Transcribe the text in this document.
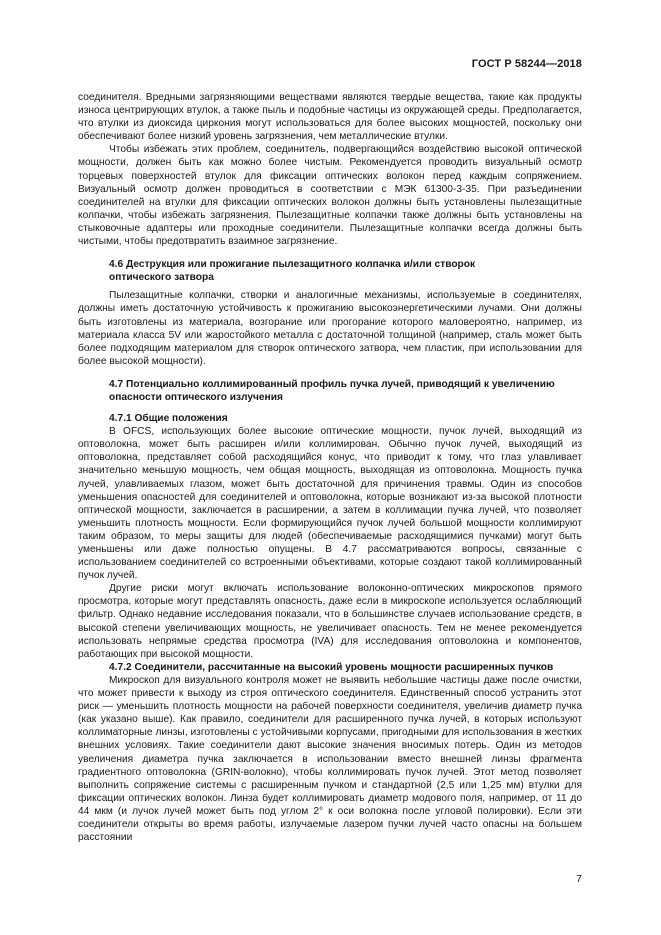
ГОСТ Р 58244—2018

соединителя. Вредными загрязняющими веществами являются твердые вещества, такие как продукты износа центрирующих втулок, а также пыль и подобные частицы из окружающей среды. Предполагается, что втулки из диоксида циркония могут использоваться для более высоких мощностей, поскольку они обеспечивают более низкий уровень загрязнения, чем металлические втулки.

Чтобы избежать этих проблем, соединитель, подвергающийся воздействию высокой оптической мощности, должен быть как можно более чистым. Рекомендуется проводить визуальный осмотр торцевых поверхностей втулок для фиксации оптических волокон перед каждым сопряжением. Визуальный осмотр должен проводиться в соответствии с МЭК 61300-3-35. При разъединении соединителей на втулки для фиксации оптических волокон должны быть установлены пылезащитные колпачки, чтобы избежать загрязнения. Пылезащитные колпачки также должны быть установлены на стыковочные адаптеры или проходные соединители. Пылезащитные колпачки всегда должны быть чистыми, чтобы предотвратить взаимное загрязнение.

4.6 Деструкция или прожигание пылезащитного колпачка и/или створок
оптического затвора

Пылезащитные колпачки, створки и аналогичные механизмы, используемые в соединителях, должны иметь достаточную устойчивость к прожиганию высокоэнергетическими лучами. Они должны быть изготовлены из материала, возгорание или прогорание которого маловероятно, например, из материала класса 5V или жаростойкого металла с достаточной толщиной (например, сталь может быть более подходящим материалом для створок оптического затвора, чем пластик, при использовании для более высокой мощности).

4.7 Потенциально коллимированный профиль пучка лучей, приводящий к увеличению
опасности оптического излучения
4.7.1 Общие положения

В OFCS, использующих более высокие оптические мощности, пучок лучей, выходящий из оптоволокна, может быть расширен и/или коллимирован. Обычно пучок лучей, выходящий из оптоволокна, представляет собой расходящийся конус, что приводит к тому, что глаз улавливает значительно меньшую мощность, чем общая мощность, выходящая из оптоволокна. Мощность пучка лучей, улавливаемых глазом, может быть достаточной для причинения травмы. Один из способов уменьшения опасностей для соединителей и оптоволокна, которые возникают из-за высокой плотности оптической мощности, заключается в расширении, а затем в коллимации пучка лучей, что позволяет уменьшить плотность мощности. Если формирующийся пучок лучей большой мощности коллимируют таким образом, то меры защиты для людей (обеспечиваемые расходящимися пучками) могут быть уменьшены или даже полностью опущены. В 4.7 рассматриваются вопросы, связанные с использованием соединителей со встроенными объективами, которые создают такой коллимированный пучок лучей.

Другие риски могут включать использование волоконно-оптических микроскопов прямого просмотра, которые могут представлять опасность, даже если в микроскопе используется ослабляющий фильтр. Однако недавние исследования показали, что в большинстве случаев использование средств, в высокой степени увеличивающих мощность, не увеличивает опасность. Тем не менее рекомендуется использовать непрямые средства просмотра (IVA) для исследования оптоволокна и компонентов, работающих при высокой мощности.

4.7.2 Соединители, рассчитанные на высокий уровень мощности расширенных пучков

Микроскоп для визуального контроля может не выявить небольшие частицы даже после очистки, что может привести к выходу из строя оптического соединителя. Единственный способ устранить этот риск — уменьшить плотность мощности на рабочей поверхности соединителя, увеличив диаметр пучка (как указано выше). Как правило, соединители для расширенного пучка лучей, в которых используют коллиматорные линзы, изготовлены с устойчивыми корпусами, пригодными для использования в жестких внешних условиях. Такие соединители дают высокие значения вносимых потерь. Один из методов увеличения диаметра пучка заключается в использовании вместо внешней линзы фрагмента градиентного оптоволокна (GRIN-волокно), чтобы коллимировать пучок лучей. Этот метод позволяет выполнить сопряжение системы с расширенным пучком и стандартной (2,5 или 1,25 мм) втулки для фиксации оптических волокон. Линза будет коллимировать диаметр модового поля, например, от 11 до 44 мкм (и лучок лучей может быть под углом 2° к оси волокна после угловой полировки). Если эти соединители открыты во время работы, излучаемые лазером пучки лучей часто опасны на большем расстоянии

7
